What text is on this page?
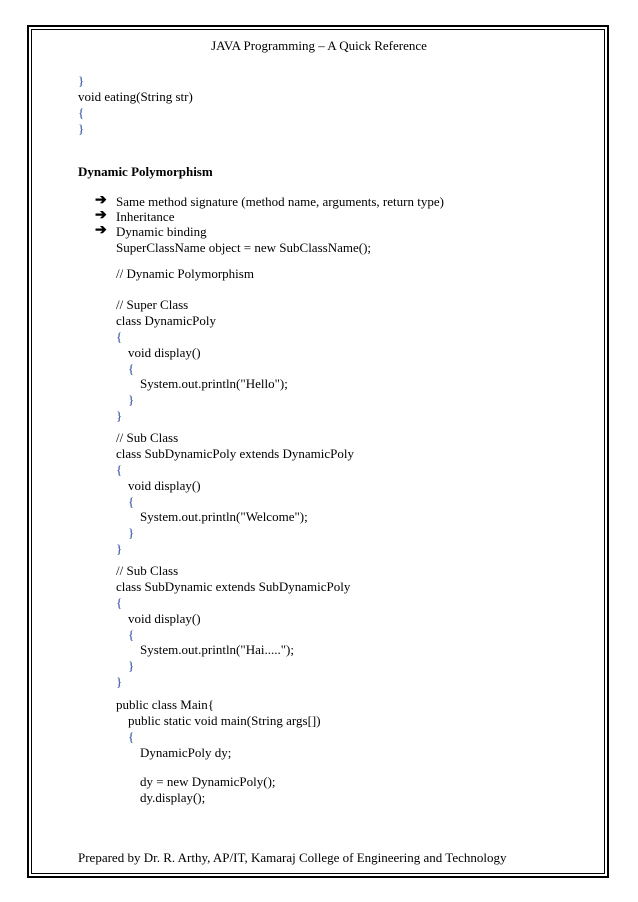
JAVA Programming – A Quick Reference
}
void eating(String str)
{
}
Dynamic Polymorphism
➔ Same method signature (method name, arguments, return type)
➔ Inheritance
➔ Dynamic binding
SuperClassName object = new SubClassName();
// Dynamic Polymorphism
// Super Class
class DynamicPoly
{
void display()
{
System.out.println("Hello");
}
}
// Sub Class
class SubDynamicPoly extends DynamicPoly
{
void display()
{
System.out.println("Welcome");
}
}
// Sub Class
class SubDynamic extends SubDynamicPoly
{
void display()
{
System.out.println("Hai.....");
}
}
public class Main{
public static void main(String args[])
{
DynamicPoly dy;
dy = new DynamicPoly();
dy.display();
Prepared by Dr. R. Arthy, AP/IT, Kamaraj College of Engineering and Technology
